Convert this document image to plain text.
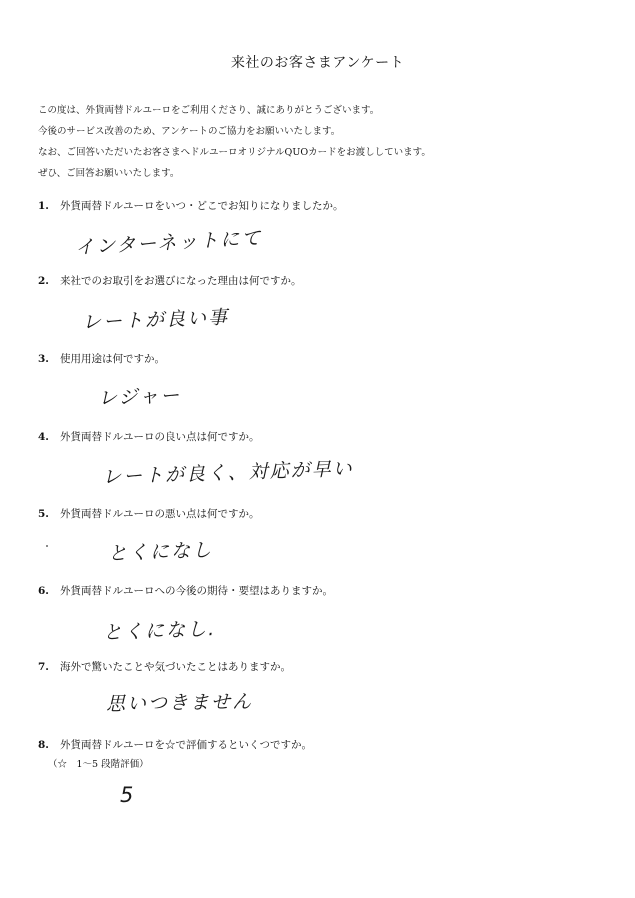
来社のお客さまアンケート
この度は、外貨両替ドルユーロをご利用くださり、誠にありがとうございます。
今後のサービス改善のため、アンケートのご協力をお願いいたします。
なお、ご回答いただいたお客さまへドルユーロオリジナルQUOカードをお渡ししています。
ぜひ、ご回答お願いいたします。
1. 外貨両替ドルユーロをいつ・どこでお知りになりましたか。
インターネットにて
2. 来社でのお取引をお選びになった理由は何ですか。
レートが良い事
3. 使用用途は何ですか。
レジャー
4. 外貨両替ドルユーロの良い点は何ですか。
レートが良く、対応が早い
5. 外貨両替ドルユーロの悪い点は何ですか。
とくになし
6. 外貨両替ドルユーロへの今後の期待・要望はありますか。
とくになし.
7. 海外で驚いたことや気づいたことはありますか。
思いつきません
8. 外貨両替ドルユーロを☆で評価するといくつですか。
（☆　1～5 段階評価）
5
